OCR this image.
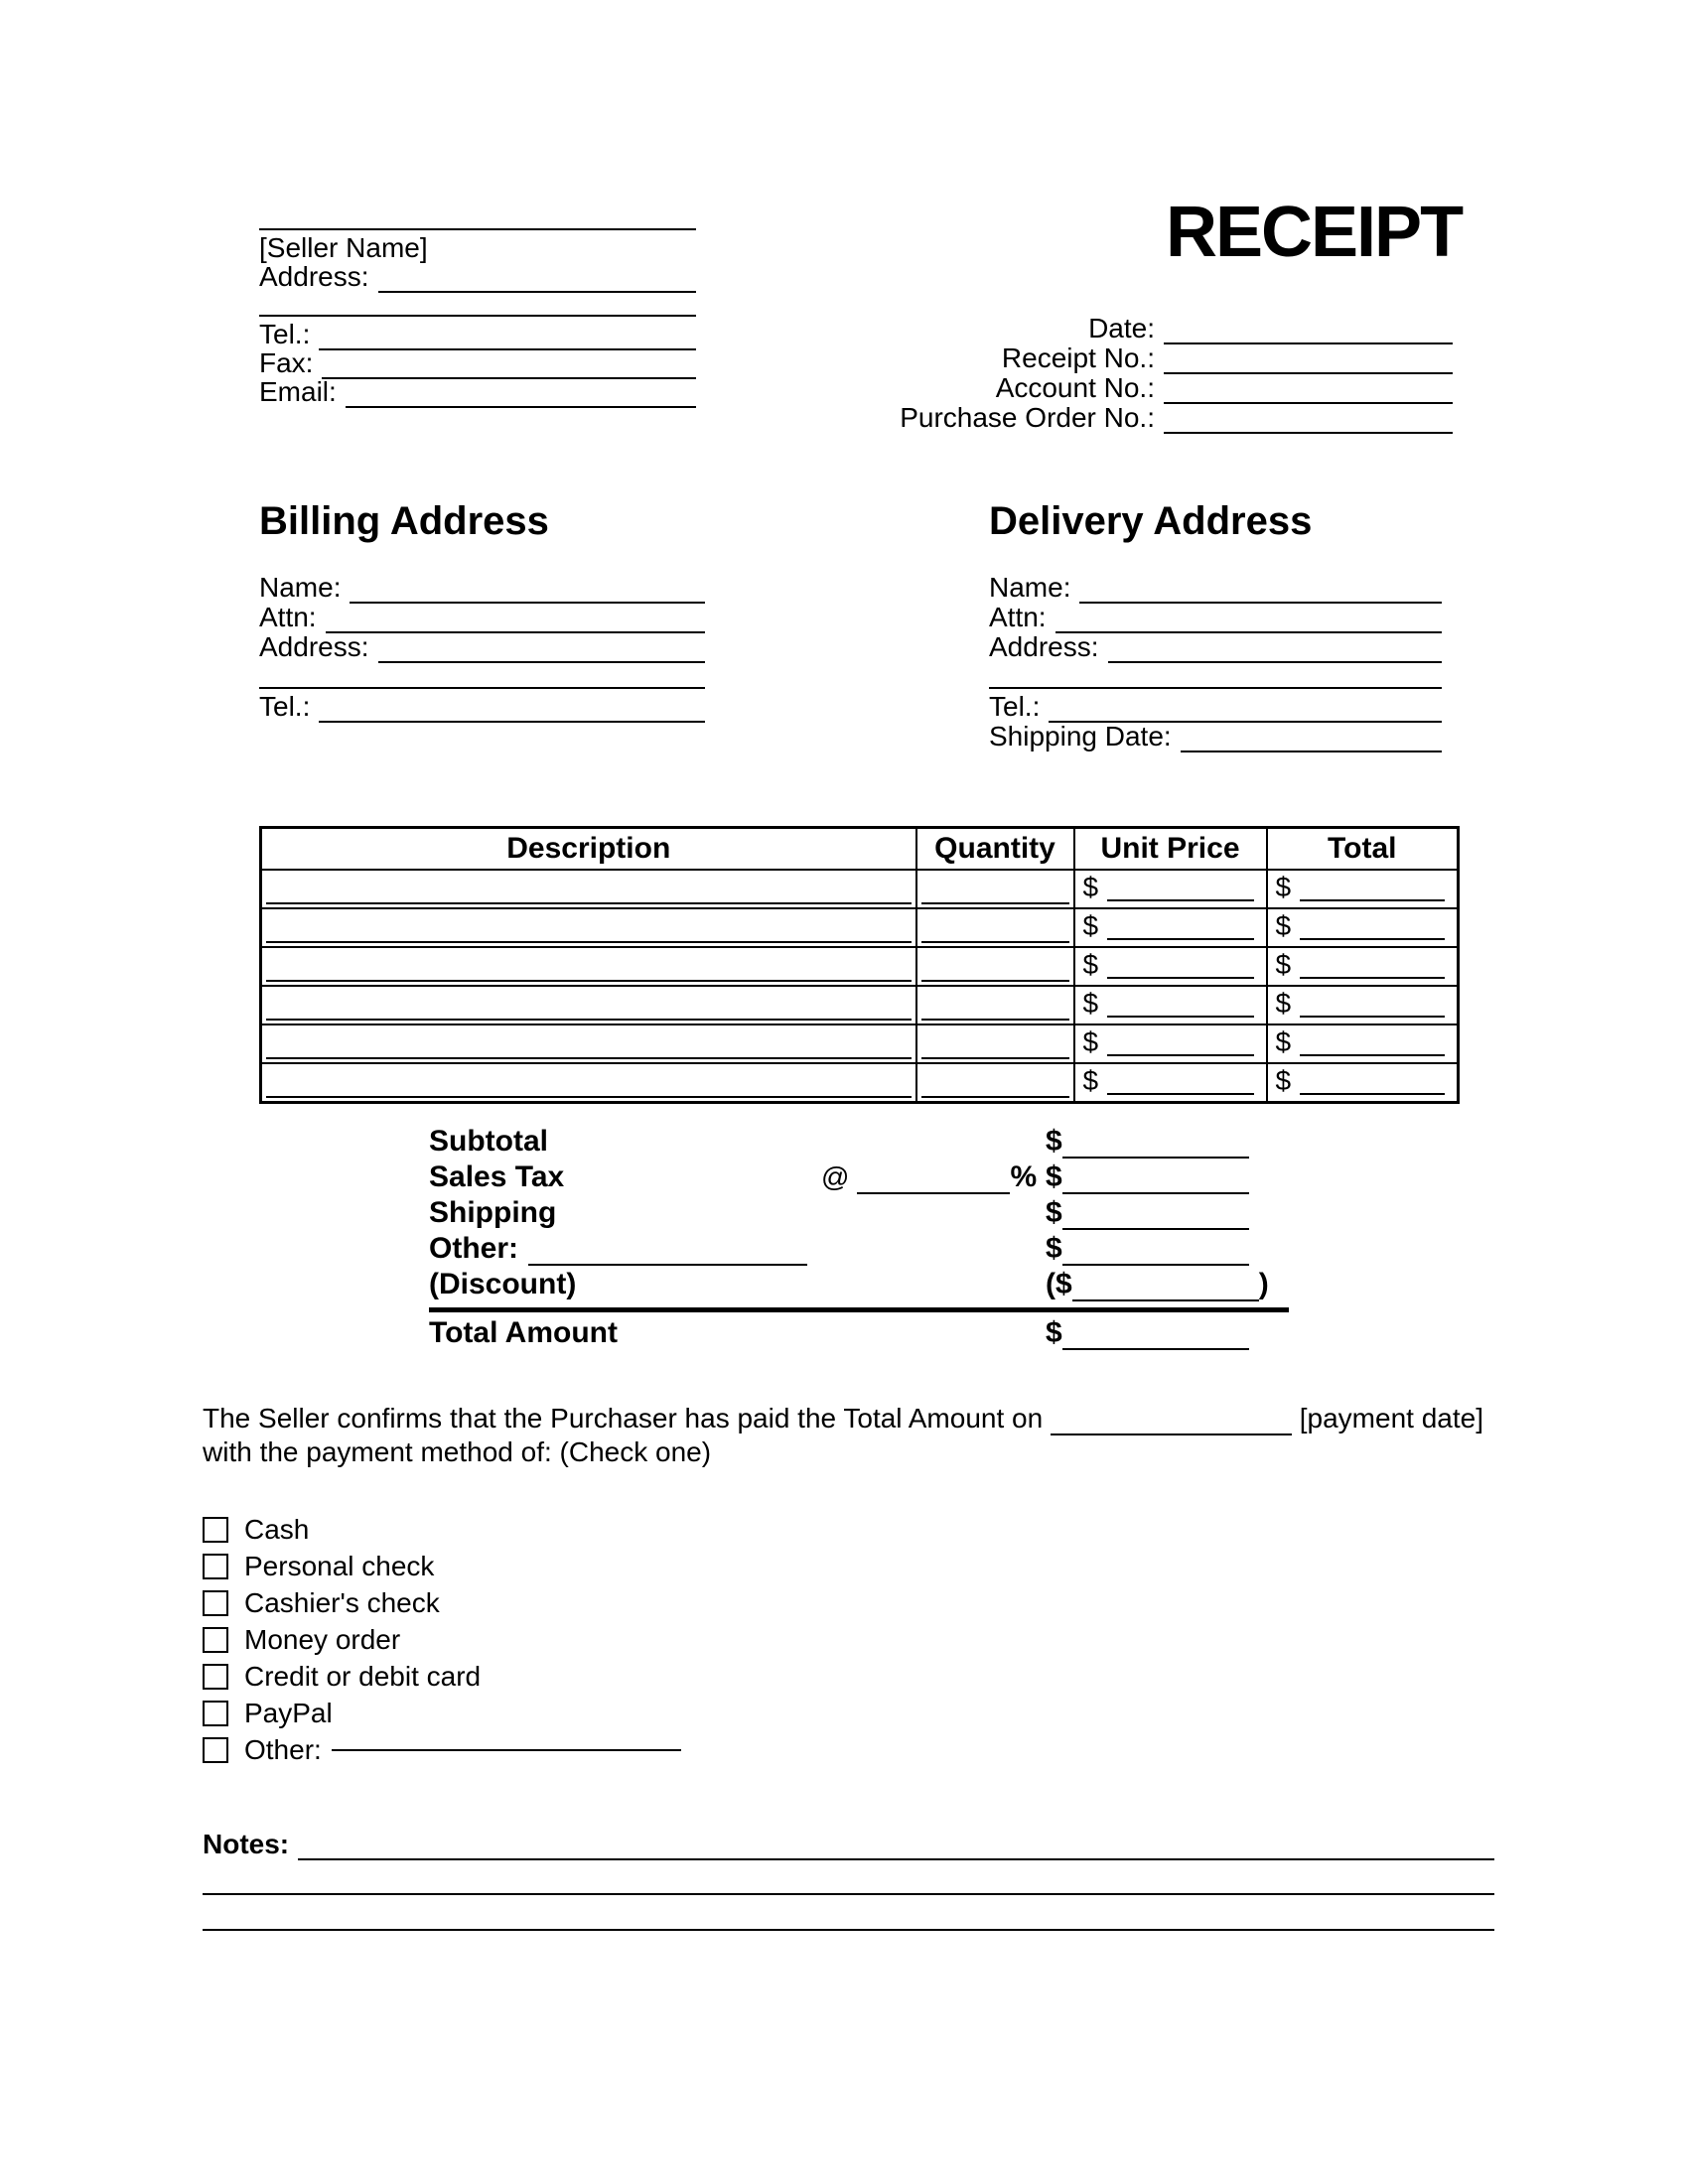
[Seller Name]
Address:
Tel.:
Fax:
Email:
RECEIPT
Date:
Receipt No.:
Account No.:
Purchase Order No.:
Billing Address
Name:
Attn:
Address:
Tel.:
Delivery Address
Name:
Attn:
Address:
Tel.:
Shipping Date:
Description	Quantity	Unit Price	Total

		$	$

		$	$

		$	$

		$	$

		$	$

		$	$
Subtotal	$
Sales Tax	@	% $
Shipping	$
Other:	$
(Discount)	($	)
Total Amount	$
The Seller confirms that the Purchaser has paid the Total Amount on	[payment date]
with the payment method of: (Check one)
Cash
Personal check
Cashier's check
Money order
Credit or debit card
PayPal
Other:
Notes:
